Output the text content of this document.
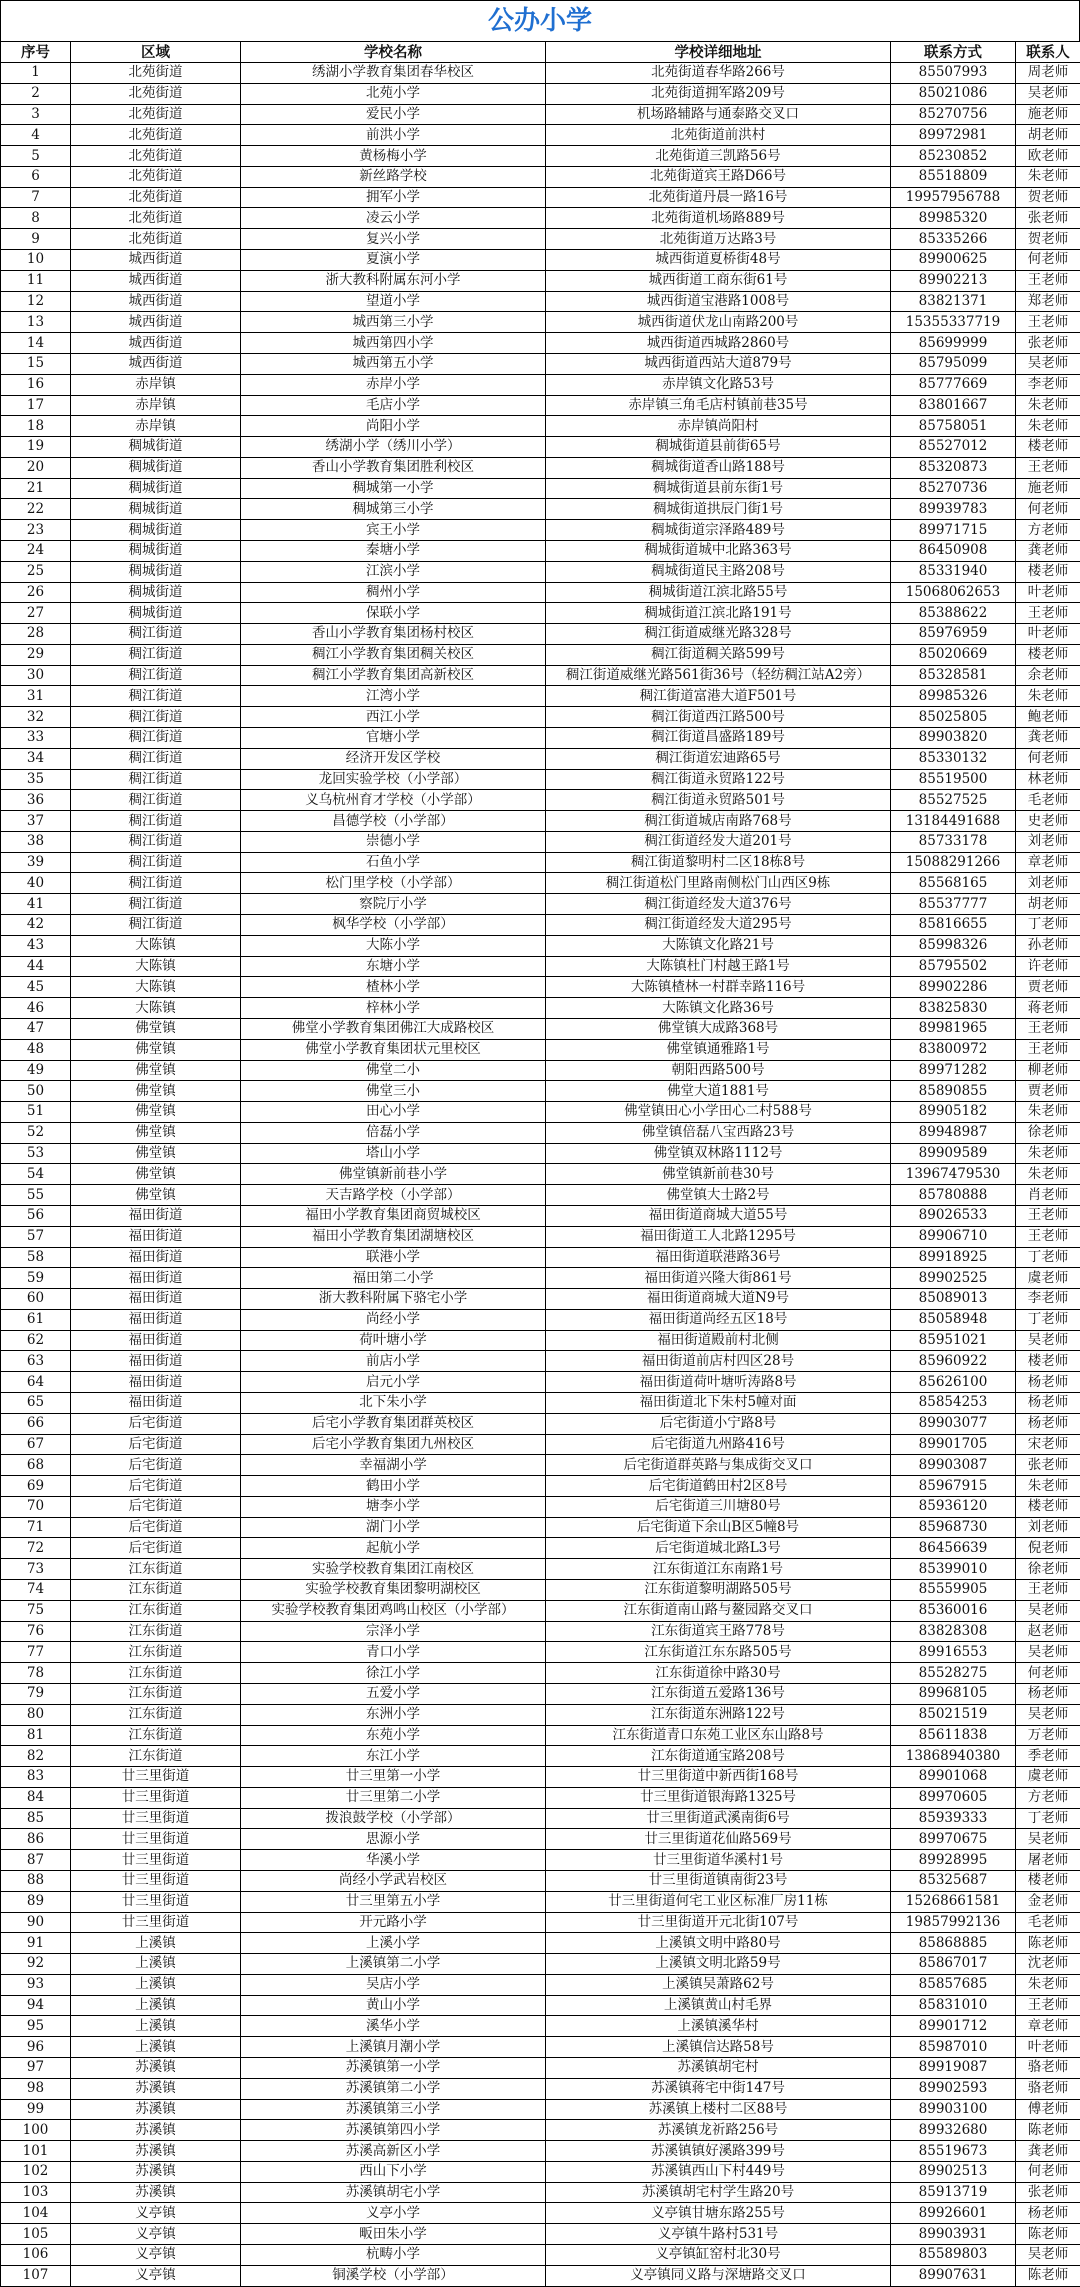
公办小学
序号	区域	学校名称	学校详细地址	联系方式	联系人
1	北苑街道	绣湖小学教育集团春华校区	北苑街道春华路266号	85507993	周老师
2	北苑街道	北苑小学	北苑街道拥军路209号	85021086	吴老师
3	北苑街道	爱民小学	机场路辅路与通泰路交叉口	85270756	施老师
4	北苑街道	前洪小学	北苑街道前洪村	89972981	胡老师
5	北苑街道	黄杨梅小学	北苑街道三凯路56号	85230852	欧老师
6	北苑街道	新丝路学校	北苑街道宾王路D66号	85518809	朱老师
7	北苑街道	拥军小学	北苑街道丹晨一路16号	19957956788	贺老师
8	北苑街道	凌云小学	北苑街道机场路889号	89985320	张老师
9	北苑街道	复兴小学	北苑街道万达路3号	85335266	贺老师
10	城西街道	夏演小学	城西街道夏桥街48号	89900625	何老师
11	城西街道	浙大教科附属东河小学	城西街道工商东街61号	89902213	王老师
12	城西街道	望道小学	城西街道宝港路1008号	83821371	郑老师
13	城西街道	城西第三小学	城西街道伏龙山南路200号	15355337719	王老师
14	城西街道	城西第四小学	城西街道西城路2860号	85699999	张老师
15	城西街道	城西第五小学	城西街道西站大道879号	85795099	吴老师
16	赤岸镇	赤岸小学	赤岸镇文化路53号	85777669	李老师
17	赤岸镇	毛店小学	赤岸镇三角毛店村镇前巷35号	83801667	朱老师
18	赤岸镇	尚阳小学	赤岸镇尚阳村	85758051	朱老师
19	稠城街道	绣湖小学（绣川小学）	稠城街道县前街65号	85527012	楼老师
20	稠城街道	香山小学教育集团胜利校区	稠城街道香山路188号	85320873	王老师
21	稠城街道	稠城第一小学	稠城街道县前东街1号	85270736	施老师
22	稠城街道	稠城第三小学	稠城街道拱辰门街1号	89939783	何老师
23	稠城街道	宾王小学	稠城街道宗泽路489号	89971715	方老师
24	稠城街道	秦塘小学	稠城街道城中北路363号	86450908	龚老师
25	稠城街道	江滨小学	稠城街道民主路208号	85331940	楼老师
26	稠城街道	稠州小学	稠城街道江滨北路55号	15068062653	叶老师
27	稠城街道	保联小学	稠城街道江滨北路191号	85388622	王老师
28	稠江街道	香山小学教育集团杨村校区	稠江街道威继光路328号	85976959	叶老师
29	稠江街道	稠江小学教育集团稠关校区	稠江街道稠关路599号	85020669	楼老师
30	稠江街道	稠江小学教育集团高新校区	稠江街道威继光路561街36号（轻纺稠江站A2旁）	85328581	余老师
31	稠江街道	江湾小学	稠江街道富港大道F501号	89985326	朱老师
32	稠江街道	西江小学	稠江街道西江路500号	85025805	鲍老师
33	稠江街道	官塘小学	稠江街道昌盛路189号	89903820	龚老师
34	稠江街道	经济开发区学校	稠江街道宏迪路65号	85330132	何老师
35	稠江街道	龙回实验学校（小学部）	稠江街道永贸路122号	85519500	林老师
36	稠江街道	义乌杭州育才学校（小学部）	稠江街道永贸路501号	85527525	毛老师
37	稠江街道	昌德学校（小学部）	稠江街道城店南路768号	13184491688	史老师
38	稠江街道	崇德小学	稠江街道经发大道201号	85733178	刘老师
39	稠江街道	石鱼小学	稠江街道黎明村二区18栋8号	15088291266	章老师
40	稠江街道	松门里学校（小学部）	稠江街道松门里路南侧松门山西区9栋	85568165	刘老师
41	稠江街道	察院厅小学	稠江街道经发大道376号	85537777	胡老师
42	稠江街道	枫华学校（小学部）	稠江街道经发大道295号	85816655	丁老师
43	大陈镇	大陈小学	大陈镇文化路21号	85998326	孙老师
44	大陈镇	东塘小学	大陈镇杜门村越王路1号	85795502	许老师
45	大陈镇	楂林小学	大陈镇楂林一村群幸路116号	89902286	贾老师
46	大陈镇	梓林小学	大陈镇文化路36号	83825830	蒋老师
47	佛堂镇	佛堂小学教育集团佛江大成路校区	佛堂镇大成路368号	89981965	王老师
48	佛堂镇	佛堂小学教育集团状元里校区	佛堂镇通雅路1号	83800972	王老师
49	佛堂镇	佛堂二小	朝阳西路500号	89971282	柳老师
50	佛堂镇	佛堂三小	佛堂大道1881号	85890855	贾老师
51	佛堂镇	田心小学	佛堂镇田心小学田心二村588号	89905182	朱老师
52	佛堂镇	倍磊小学	佛堂镇倍磊八宝西路23号	89948987	徐老师
53	佛堂镇	塔山小学	佛堂镇双林路1112号	89909589	朱老师
54	佛堂镇	佛堂镇新前巷小学	佛堂镇新前巷30号	13967479530	朱老师
55	佛堂镇	天吉路学校（小学部）	佛堂镇大士路2号	85780888	肖老师
56	福田街道	福田小学教育集团商贸城校区	福田街道商城大道55号	89026533	王老师
57	福田街道	福田小学教育集团湖塘校区	福田街道工人北路1295号	89906710	王老师
58	福田街道	联港小学	福田街道联港路36号	89918925	丁老师
59	福田街道	福田第二小学	福田街道兴隆大街861号	89902525	虞老师
60	福田街道	浙大教科附属下骆宅小学	福田街道商城大道N9号	85089013	李老师
61	福田街道	尚经小学	福田街道尚经五区18号	85058948	丁老师
62	福田街道	荷叶塘小学	福田街道殿前村北侧	85951021	吴老师
63	福田街道	前店小学	福田街道前店村四区28号	85960922	楼老师
64	福田街道	启元小学	福田街道荷叶塘听涛路8号	85626100	杨老师
65	福田街道	北下朱小学	福田街道北下朱村5幢对面	85854253	杨老师
66	后宅街道	后宅小学教育集团群英校区	后宅街道小宁路8号	89903077	杨老师
67	后宅街道	后宅小学教育集团九州校区	后宅街道九州路416号	89901705	宋老师
68	后宅街道	幸福湖小学	后宅街道群英路与集成街交叉口	89903087	张老师
69	后宅街道	鹤田小学	后宅街道鹤田村2区8号	85967915	朱老师
70	后宅街道	塘李小学	后宅街道三川塘80号	85936120	楼老师
71	后宅街道	湖门小学	后宅街道下余山B区5幢8号	85968730	刘老师
72	后宅街道	起航小学	后宅街道城北路L3号	86456639	倪老师
73	江东街道	实验学校教育集团江南校区	江东街道江东南路1号	85399010	徐老师
74	江东街道	实验学校教育集团黎明湖校区	江东街道黎明湖路505号	85559905	王老师
75	江东街道	实验学校教育集团鸡鸣山校区（小学部）	江东街道南山路与鳌园路交叉口	85360016	吴老师
76	江东街道	宗泽小学	江东街道宾王路778号	83828308	赵老师
77	江东街道	青口小学	江东街道江东东路505号	89916553	吴老师
78	江东街道	徐江小学	江东街道徐中路30号	85528275	何老师
79	江东街道	五爱小学	江东街道五爱路136号	89968105	杨老师
80	江东街道	东洲小学	江东街道东洲路122号	85021519	吴老师
81	江东街道	东苑小学	江东街道青口东苑工业区东山路8号	85611838	万老师
82	江东街道	东江小学	江东街道通宝路208号	13868940380	季老师
83	廿三里街道	廿三里第一小学	廿三里街道中新西街168号	89901068	虞老师
84	廿三里街道	廿三里第二小学	廿三里街道银海路1325号	89970605	方老师
85	廿三里街道	拨浪鼓学校（小学部）	廿三里街道武溪南街6号	85939333	丁老师
86	廿三里街道	思源小学	廿三里街道花仙路569号	89970675	吴老师
87	廿三里街道	华溪小学	廿三里街道华溪村1号	89928995	屠老师
88	廿三里街道	尚经小学武岩校区	廿三里街道镇南街23号	85325687	楼老师
89	廿三里街道	廿三里第五小学	廿三里街道何宅工业区标准厂房11栋	15268661581	金老师
90	廿三里街道	开元路小学	廿三里街道开元北街107号	19857992136	毛老师
91	上溪镇	上溪小学	上溪镇文明中路80号	85868885	陈老师
92	上溪镇	上溪镇第二小学	上溪镇文明北路59号	85867017	沈老师
93	上溪镇	吴店小学	上溪镇吴萧路62号	85857685	朱老师
94	上溪镇	黄山小学	上溪镇黄山村毛界	85831010	王老师
95	上溪镇	溪华小学	上溪镇溪华村	89901712	章老师
96	上溪镇	上溪镇月潮小学	上溪镇信达路58号	85987010	叶老师
97	苏溪镇	苏溪镇第一小学	苏溪镇胡宅村	89919087	骆老师
98	苏溪镇	苏溪镇第二小学	苏溪镇蒋宅中街147号	89902593	骆老师
99	苏溪镇	苏溪镇第三小学	苏溪镇上楼村二区88号	89903100	傅老师
100	苏溪镇	苏溪镇第四小学	苏溪镇龙祈路256号	89932680	陈老师
101	苏溪镇	苏溪高新区小学	苏溪镇镇好溪路399号	85519673	龚老师
102	苏溪镇	西山下小学	苏溪镇西山下村449号	89902513	何老师
103	苏溪镇	苏溪镇胡宅小学	苏溪镇胡宅村学生路20号	85913719	张老师
104	义亭镇	义亭小学	义亭镇甘塘东路255号	89926601	杨老师
105	义亭镇	畈田朱小学	义亭镇牛路村531号	89903931	陈老师
106	义亭镇	杭畴小学	义亭镇缸窑村北30号	85589803	吴老师
107	义亭镇	铜溪学校（小学部）	义亭镇同义路与深塘路交叉口	89907631	陈老师
